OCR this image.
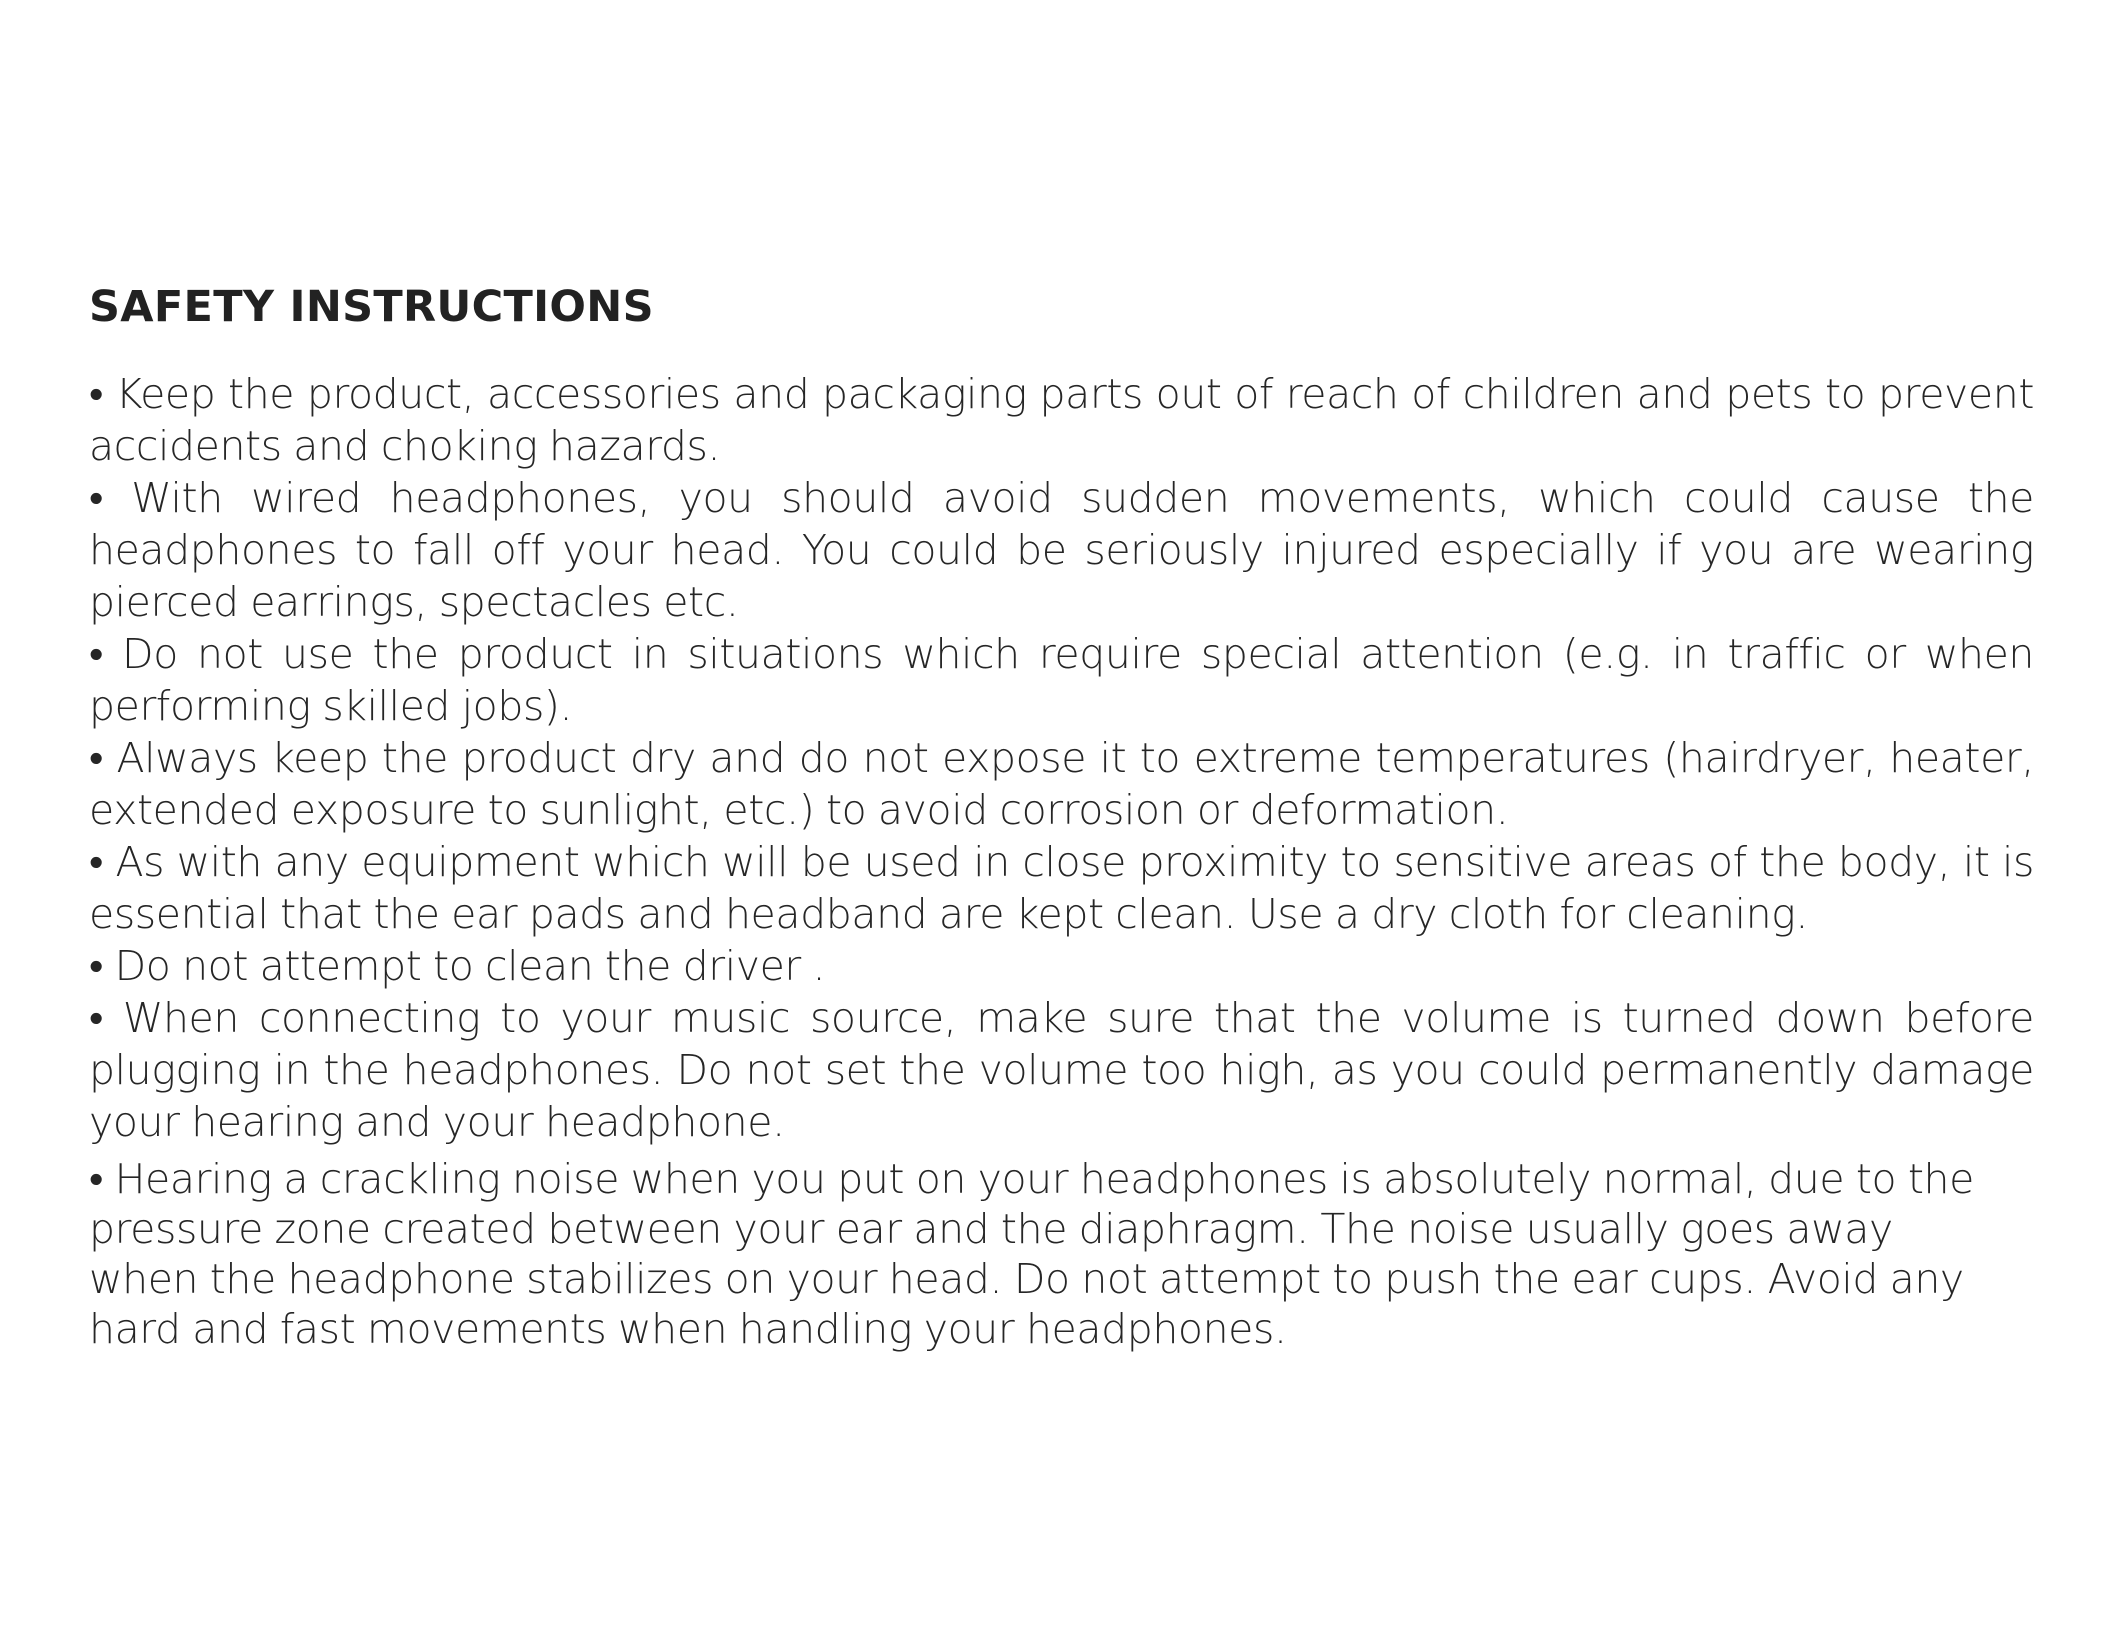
SAFETY INSTRUCTIONS
• Keep the product, accessories and packaging parts out of reach of children and pets to prevent accidents and choking hazards.
• With wired headphones, you should avoid sudden movements, which could cause the headphones to fall off your head. You could be seriously injured especially if you are wearing pierced earrings, spectacles etc.
• Do not use the product in situations which require special attention (e.g. in traffic or when performing skilled jobs).
• Always keep the product dry and do not expose it to extreme temperatures (hairdryer, heater, extended exposure to sunlight, etc.) to avoid corrosion or deformation.
• As with any equipment which will be used in close proximity to sensitive areas of the body, it is essential that the ear pads and headband are kept clean. Use a dry cloth for cleaning.
• Do not attempt to clean the driver .
• When connecting to your music source, make sure that the volume is turned down before plugging in the headphones. Do not set the volume too high, as you could permanently damage your hearing and your headphone.
• Hearing a crackling noise when you put on your headphones is absolutely normal, due to the pressure zone created between your ear and the diaphragm. The noise usually goes away when the headphone stabilizes on your head. Do not attempt to push the ear cups. Avoid any hard and fast movements when handling your headphones.
